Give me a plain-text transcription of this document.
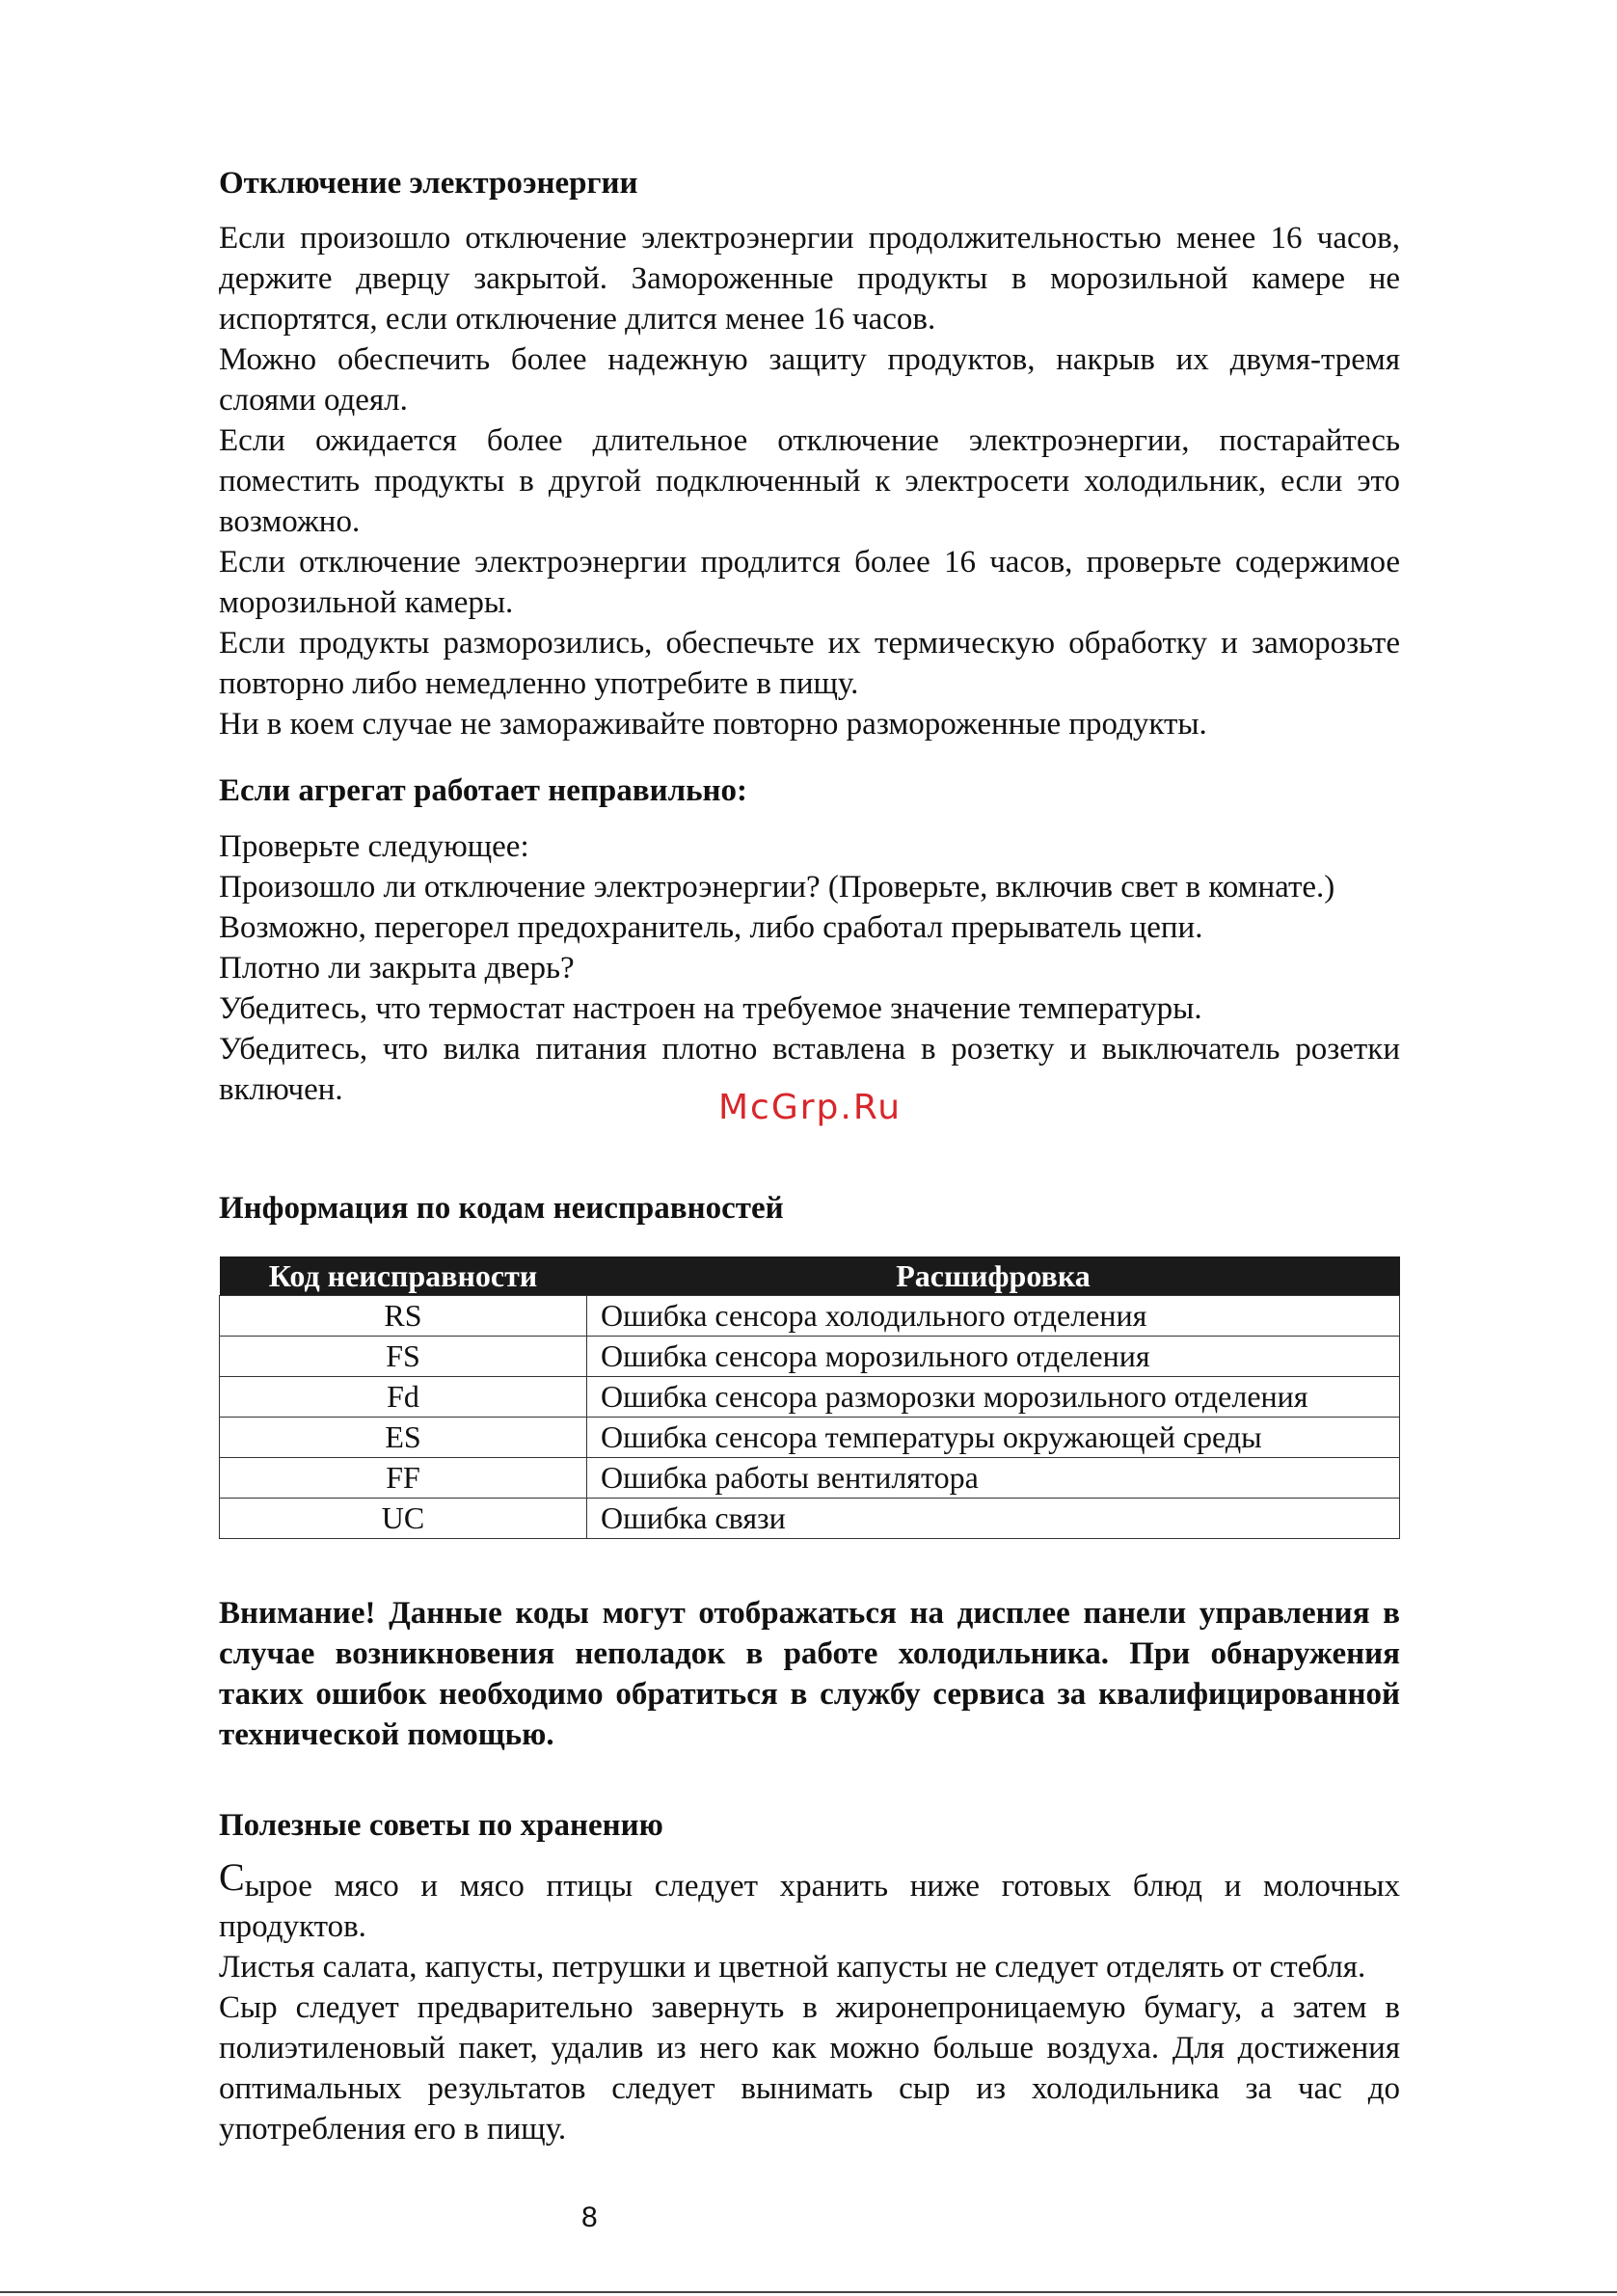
Отключение электроэнергии

Если произошло отключение электроэнергии продолжительностью менее 16 часов, держите дверцу закрытой. Замороженные продукты в морозильной камере не испортятся, если отключение длится менее 16 часов.

Можно обеспечить более надежную защиту продуктов, накрыв их двумя-тремя слоями одеял.

Если ожидается более длительное отключение электроэнергии, постарайтесь поместить продукты в другой подключенный к электросети холодильник, если это возможно.

Если отключение электроэнергии продлится более 16 часов, проверьте содержимое морозильной камеры.

Если продукты разморозились, обеспечьте их термическую обработку и заморозьте повторно либо немедленно употребите в пищу.

Ни в коем случае не замораживайте повторно размороженные продукты.

Если агрегат работает неправильно:

Проверьте следующее:

Произошло ли отключение электроэнергии? (Проверьте, включив свет в комнате.)

Возможно, перегорел предохранитель, либо сработал прерыватель цепи.

Плотно ли закрыта дверь?

Убедитесь, что термостат настроен на требуемое значение температуры.

Убедитесь, что вилка питания плотно вставлена в розетку и выключатель розетки включен.

Информация по кодам неисправностей
Код неисправности	Расшифровка
RS	Ошибка сенсора холодильного отделения
FS	Ошибка сенсора морозильного отделения
Fd	Ошибка сенсора разморозки морозильного отделения
ES	Ошибка сенсора температуры окружающей среды
FF	Ошибка работы вентилятора
UC	Ошибка связи
Внимание! Данные коды могут отображаться на дисплее панели управления в случае возникновения неполадок в работе холодильника. При обнаружения таких ошибок необходимо обратиться в службу сервиса за квалифицированной технической помощью.
Полезные советы по хранению

Сырое мясо и мясо птицы следует хранить ниже готовых блюд и молочных продуктов.

Листья салата, капусты, петрушки и цветной капусты не следует отделять от стебля.

Сыр следует предварительно завернуть в жиронепроницаемую бумагу, а затем в полиэтиленовый пакет, удалив из него как можно больше воздуха. Для достижения оптимальных результатов следует вынимать сыр из холодильника за час до употребления его в пищу.

McGrp.Ru
8
